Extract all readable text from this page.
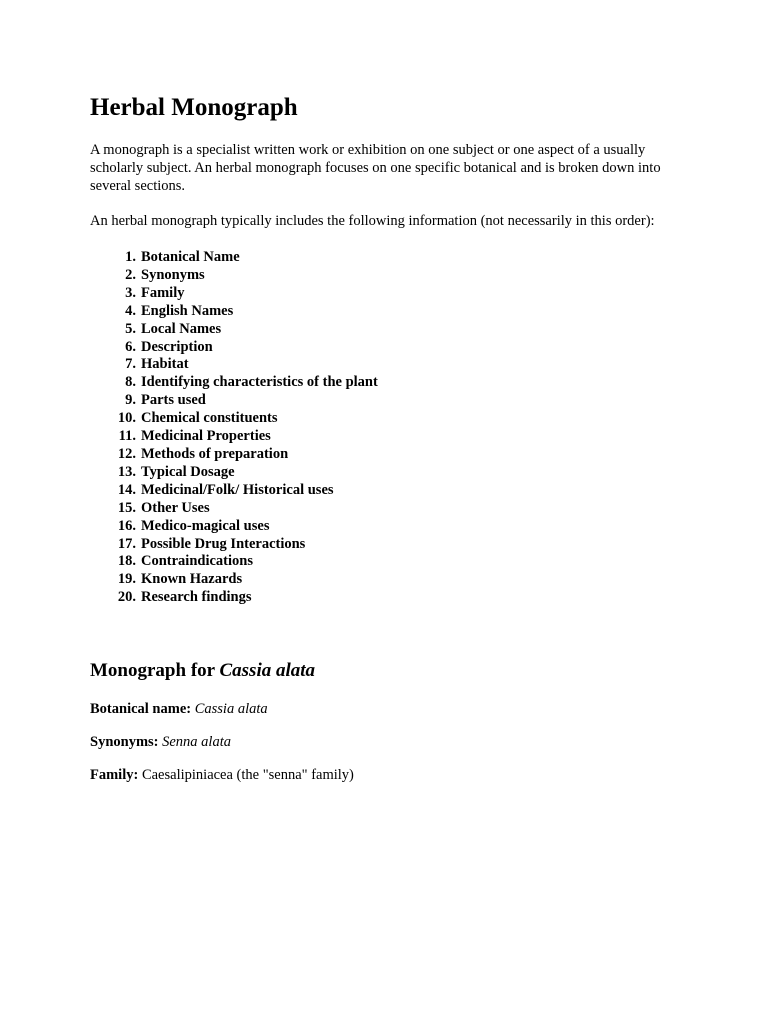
Herbal Monograph

A monograph is a specialist written work or exhibition on one subject or one aspect of a usually scholarly subject. An herbal monograph focuses on one specific botanical and is broken down into several sections.

An herbal monograph typically includes the following information (not necessarily in this order):

1. Botanical Name
2. Synonyms
3. Family
4. English Names
5. Local Names
6. Description
7. Habitat
8. Identifying characteristics of the plant
9. Parts used
10. Chemical constituents
11. Medicinal Properties
12. Methods of preparation
13. Typical Dosage
14. Medicinal/Folk/ Historical uses
15. Other Uses
16. Medico-magical uses
17. Possible Drug Interactions
18. Contraindications
19. Known Hazards
20. Research findings
Monograph for Cassia alata

Botanical name: Cassia alata

Synonyms: Senna alata

Family: Caesalipiniacea (the "senna" family)
